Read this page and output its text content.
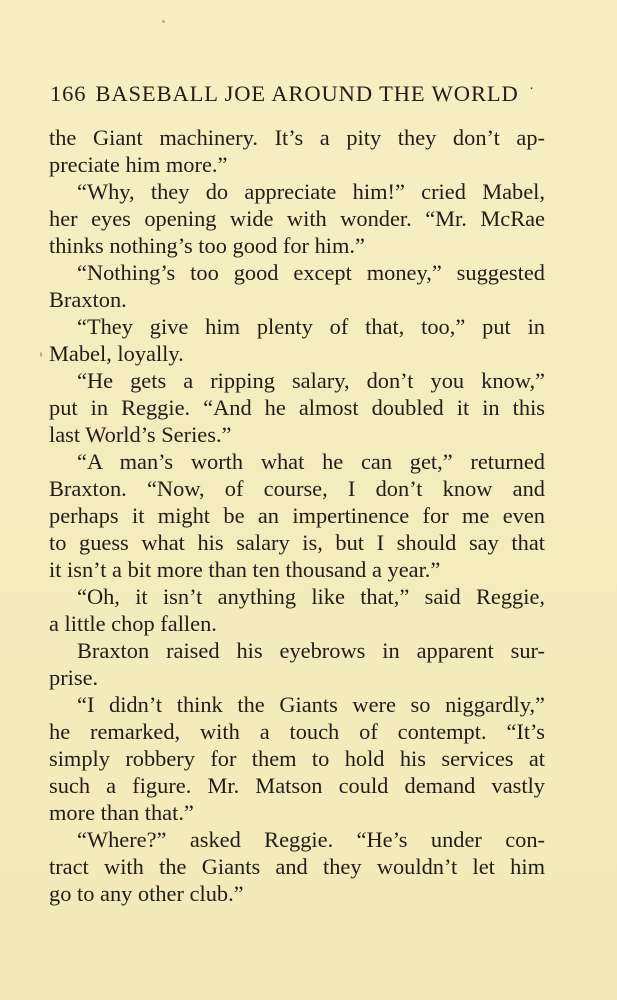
166 BASEBALL JOE AROUND THE WORLD ·
the Giant machinery. It’s a pity they don’t ap-
preciate him more.”
“Why, they do appreciate him!” cried Mabel,
her eyes opening wide with wonder. “Mr. McRae
thinks nothing’s too good for him.”
“Nothing’s too good except money,” suggested
Braxton.
“They give him plenty of that, too,” put in
Mabel, loyally.
“He gets a ripping salary, don’t you know,”
put in Reggie. “And he almost doubled it in this
last World’s Series.”
“A man’s worth what he can get,” returned
Braxton. “Now, of course, I don’t know and
perhaps it might be an impertinence for me even
to guess what his salary is, but I should say that
it isn’t a bit more than ten thousand a year.”
“Oh, it isn’t anything like that,” said Reggie,
a little chop fallen.
Braxton raised his eyebrows in apparent sur-
prise.
“I didn’t think the Giants were so niggardly,”
he remarked, with a touch of contempt. “It’s
simply robbery for them to hold his services at
such a figure. Mr. Matson could demand vastly
more than that.”
“Where?” asked Reggie. “He’s under con-
tract with the Giants and they wouldn’t let him
go to any other club.”
